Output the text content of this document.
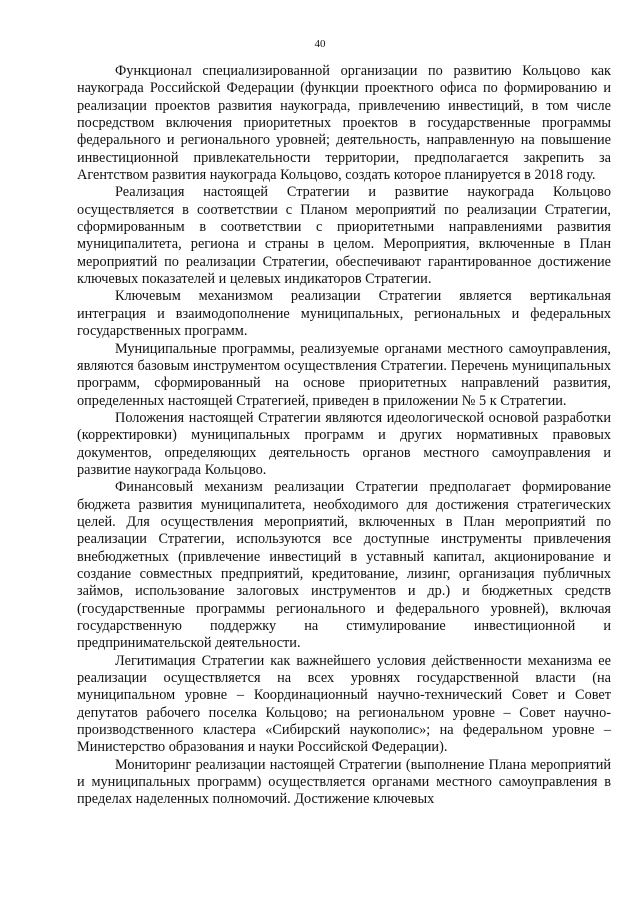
40

Функционал специализированной организации по развитию Кольцово как наукограда Российской Федерации (функции проектного офиса по формированию и реализации проектов развития наукограда, привлечению инвестиций, в том числе посредством включения приоритетных проектов в государственные программы федерального и регионального уровней; деятельность, направленную на повышение инвестиционной привлекательности территории, предполагается закрепить за Агентством развития наукограда Кольцово, создать которое планируется в 2018 году.

Реализация настоящей Стратегии и развитие наукограда Кольцово осуществляется в соответствии с Планом мероприятий по реализации Стратегии, сформированным в соответствии с приоритетными направлениями развития муниципалитета, региона и страны в целом. Мероприятия, включенные в План мероприятий по реализации Стратегии, обеспечивают гарантированное достижение ключевых показателей и целевых индикаторов Стратегии.

Ключевым механизмом реализации Стратегии является вертикальная интеграция и взаимодополнение муниципальных, региональных и федеральных государственных программ.

Муниципальные программы, реализуемые органами местного самоуправления, являются базовым инструментом осуществления Стратегии. Перечень муниципальных программ, сформированный на основе приоритетных направлений развития, определенных настоящей Стратегией, приведен в приложении № 5 к Стратегии.

Положения настоящей Стратегии являются идеологической основой разработки (корректировки) муниципальных программ и других нормативных правовых документов, определяющих деятельность органов местного самоуправления и развитие наукограда Кольцово.

Финансовый механизм реализации Стратегии предполагает формирование бюджета развития муниципалитета, необходимого для достижения стратегических целей. Для осуществления мероприятий, включенных в План мероприятий по реализации Стратегии, используются все доступные инструменты привлечения внебюджетных (привлечение инвестиций в уставный капитал, акционирование и создание совместных предприятий, кредитование, лизинг, организация публичных займов, использование залоговых инструментов и др.) и бюджетных средств (государственные программы регионального и федерального уровней), включая государственную поддержку на стимулирование инвестиционной и предпринимательской деятельности.

Легитимация Стратегии как важнейшего условия действенности механизма ее реализации осуществляется на всех уровнях государственной власти (на муниципальном уровне – Координационный научно-технический Совет и Совет депутатов рабочего поселка Кольцово; на региональном уровне – Совет научно-производственного кластера «Сибирский наукополис»; на федеральном уровне – Министерство образования и науки Российской Федерации).

Мониторинг реализации настоящей Стратегии (выполнение Плана мероприятий и муниципальных программ) осуществляется органами местного самоуправления в пределах наделенных полномочий. Достижение ключевых
